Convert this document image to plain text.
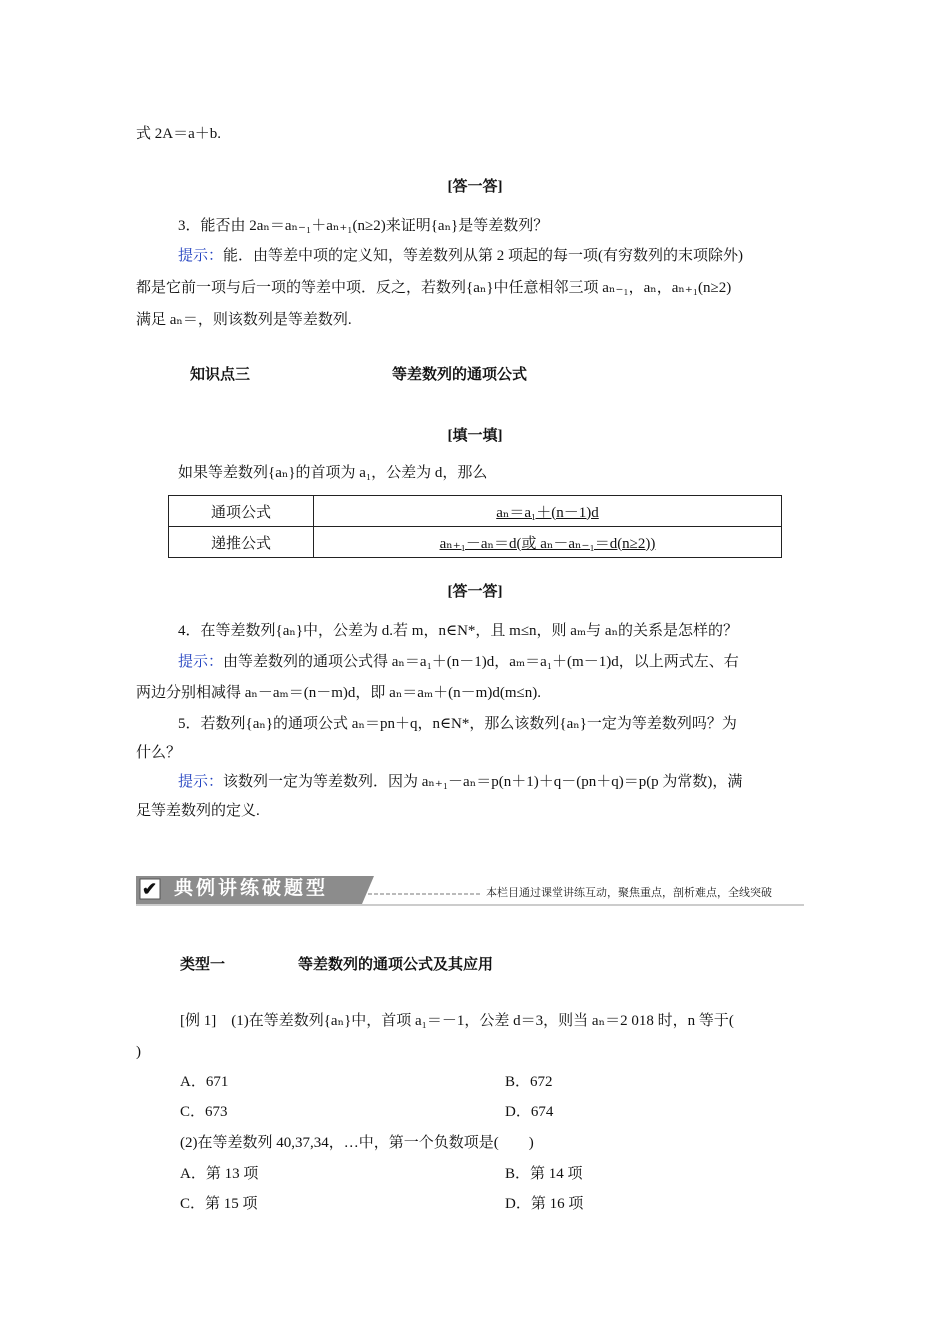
式 2A＝a＋b.
[答一答]
3．能否由 2aₙ＝aₙ₋₁＋aₙ₊₁(n≥2)来证明{aₙ}是等差数列？
提示：能．由等差中项的定义知，等差数列从第 2 项起的每一项(有穷数列的末项除外)
都是它前一项与后一项的等差中项．反之，若数列{aₙ}中任意相邻三项 aₙ₋₁，aₙ，aₙ₊₁(n≥2)
满足 aₙ＝，则该数列是等差数列.
知识点三	等差数列的通项公式
[填一填]
如果等差数列{aₙ}的首项为 a₁，公差为 d，那么
通项公式	aₙ＝a₁＋(n－1)d
递推公式	aₙ₊₁－aₙ＝d(或 aₙ－aₙ₋₁＝d(n≥2))
[答一答]
4．在等差数列{aₙ}中，公差为 d.若 m，n∈N*，且 m≤n，则 aₘ与 aₙ的关系是怎样的？
提示：由等差数列的通项公式得 aₙ＝a₁＋(n－1)d，aₘ＝a₁＋(m－1)d，以上两式左、右
两边分别相减得 aₙ－aₘ＝(n－m)d，即 aₙ＝aₘ＋(n－m)d(m≤n).
5．若数列{aₙ}的通项公式 aₙ＝pn＋q，n∈N*，那么该数列{aₙ}一定为等差数列吗？为
什么？
提示：该数列一定为等差数列．因为 aₙ₊₁－aₙ＝p(n＋1)＋q－(pn＋q)＝p(p 为常数)，满
足等差数列的定义.
✔ 典例讲练破题型	本栏目通过课堂讲练互动，聚焦重点，剖析难点，全线突破
类型一	等差数列的通项公式及其应用
[例 1]　(1)在等差数列{aₙ}中，首项 a₁＝－1，公差 d＝3，则当 aₙ＝2 018 时，n 等于(
)
A．671	B．672
C．673	D．674
(2)在等差数列 40,37,34，…中，第一个负数项是(　　)
A．第 13 项	B．第 14 项
C．第 15 项	D．第 16 项
